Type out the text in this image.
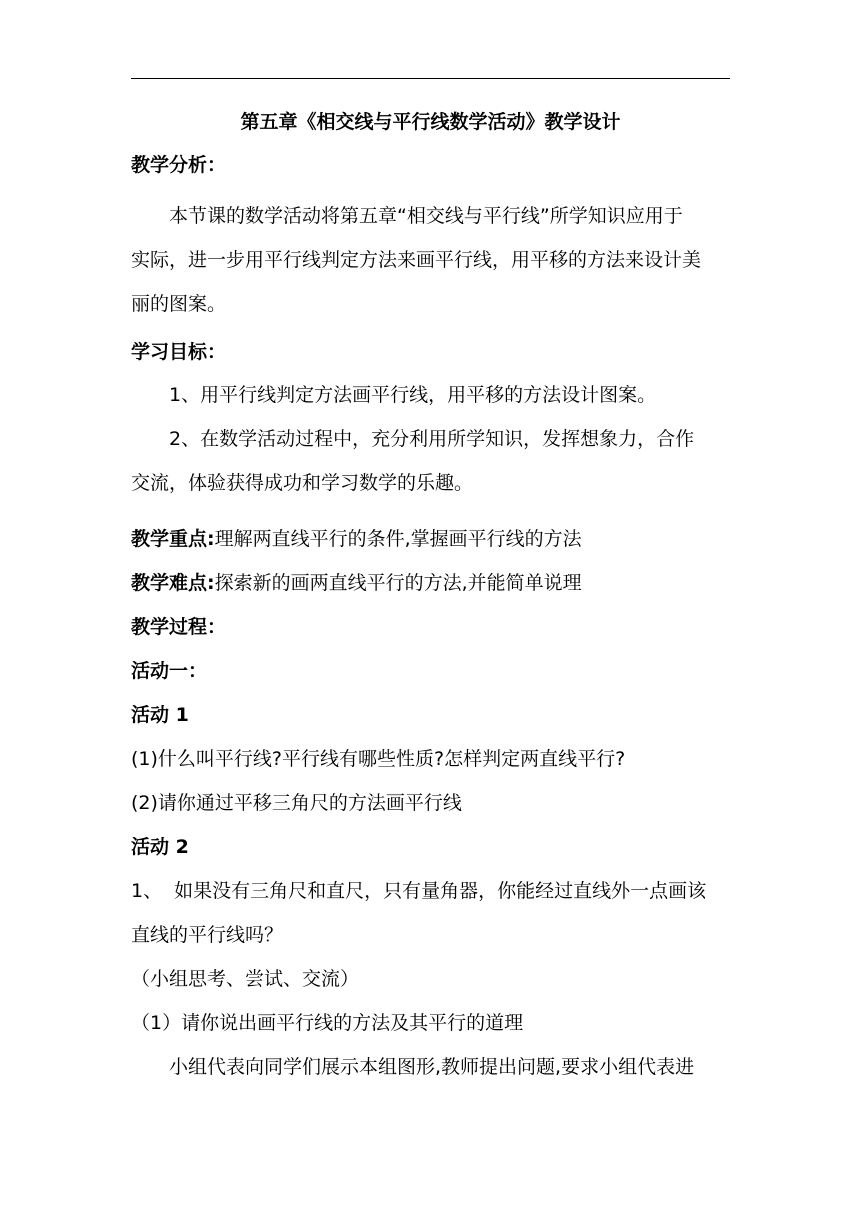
第五章《相交线与平行线数学活动》教学设计

教学分析：

本节课的数学活动将第五章“相交线与平行线”所学知识应用于

实际，进一步用平行线判定方法来画平行线，用平移的方法来设计美

丽的图案。

学习目标：

1、用平行线判定方法画平行线，用平移的方法设计图案。

2、在数学活动过程中，充分利用所学知识，发挥想象力，合作

交流，体验获得成功和学习数学的乐趣。

教学重点:理解两直线平行的条件,掌握画平行线的方法

教学难点:探索新的画两直线平行的方法,并能简单说理

教学过程：

活动一：

活动 1

(1)什么叫平行线?平行线有哪些性质?怎样判定两直线平行?

(2)请你通过平移三角尺的方法画平行线

活动 2

1、  如果没有三角尺和直尺，只有量角器，你能经过直线外一点画该

直线的平行线吗？

（小组思考、尝试、交流）

（1）请你说出画平行线的方法及其平行的道理

小组代表向同学们展示本组图形,教师提出问题,要求小组代表进
